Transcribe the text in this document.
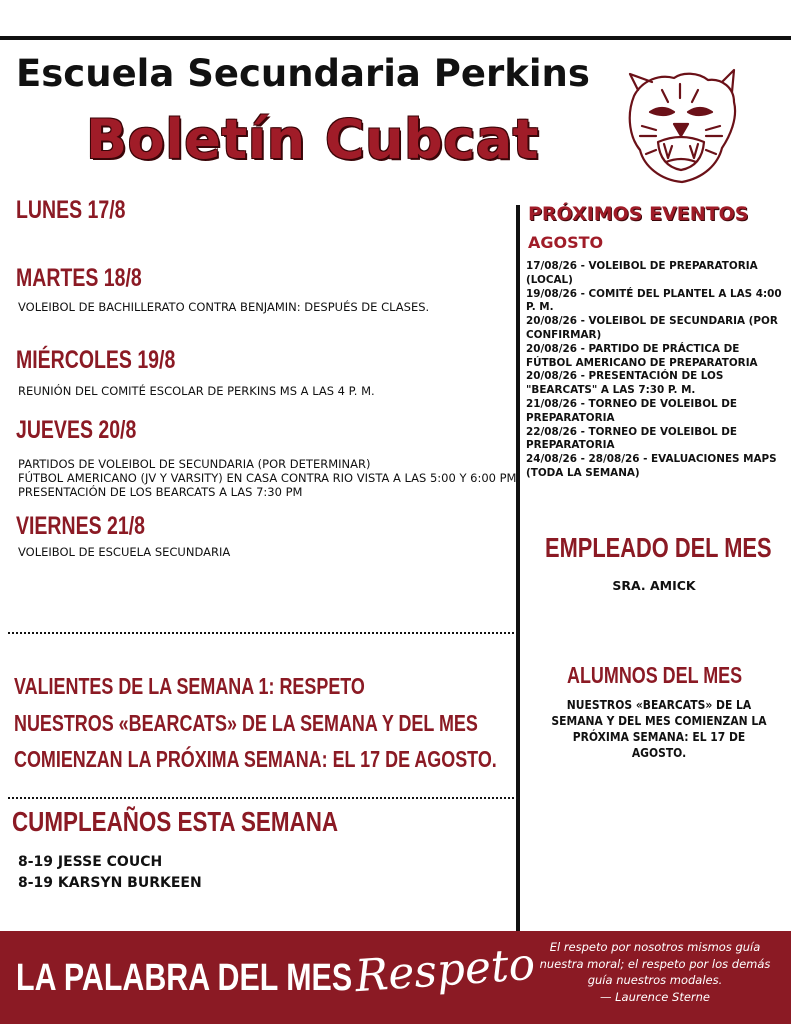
Escuela Secundaria Perkins
Boletín Cubcat
LUNES 17/8
MARTES 18/8
VOLEIBOL DE BACHILLERATO CONTRA BENJAMIN: DESPUÉS DE CLASES.
MIÉRCOLES 19/8
REUNIÓN DEL COMITÉ ESCOLAR DE PERKINS MS A LAS 4 P. M.
JUEVES 20/8
PARTIDOS DE VOLEIBOL DE SECUNDARIA (POR DETERMINAR)
FÚTBOL AMERICANO (JV Y VARSITY) EN CASA CONTRA RIO VISTA A LAS 5:00 Y 6:00 PM
PRESENTACIÓN DE LOS BEARCATS A LAS 7:30 PM
VIERNES 21/8
VOLEIBOL DE ESCUELA SECUNDARIA
PRÓXIMOS EVENTOS
AGOSTO
17/08/26 - VOLEIBOL DE PREPARATORIA (LOCAL)
19/08/26 - COMITÉ DEL PLANTEL A LAS 4:00 P. M.
20/08/26 - VOLEIBOL DE SECUNDARIA (POR CONFIRMAR)
20/08/26 - PARTIDO DE PRÁCTICA DE FÚTBOL AMERICANO DE PREPARATORIA
20/08/26 - PRESENTACIÓN DE LOS "BEARCATS" A LAS 7:30 P. M.
21/08/26 - TORNEO DE VOLEIBOL DE PREPARATORIA
22/08/26 - TORNEO DE VOLEIBOL DE PREPARATORIA
24/08/26 - 28/08/26 - EVALUACIONES MAPS (TODA LA SEMANA)
EMPLEADO DEL MES
SRA. AMICK
ALUMNOS DEL MES
NUESTROS «BEARCATS» DE LA SEMANA Y DEL MES COMIENZAN LA PRÓXIMA SEMANA: EL 17 DE AGOSTO.
VALIENTES DE LA SEMANA 1: RESPETO
NUESTROS «BEARCATS» DE LA SEMANA Y DEL MES
COMIENZAN LA PRÓXIMA SEMANA: EL 17 DE AGOSTO.
CUMPLEAÑOS ESTA SEMANA
8-19 JESSE COUCH
8-19 KARSYN BURKEEN
LA PALABRA DEL MES Respeto	El respeto por nosotros mismos guía
nuestra moral; el respeto por los demás
guía nuestros modales.
— Laurence Sterne
